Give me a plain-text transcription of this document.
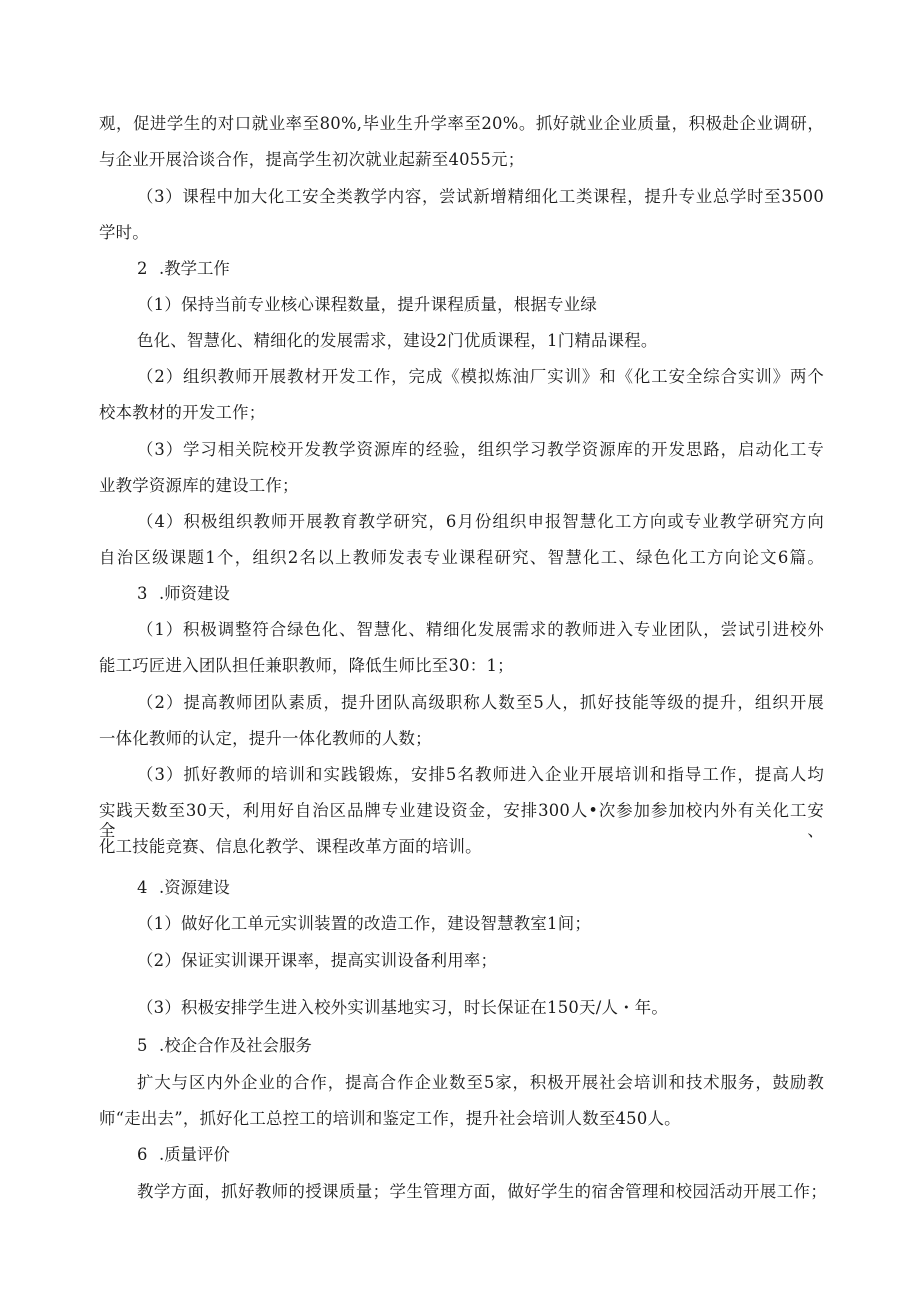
观，促进学生的对口就业率至80%,毕业生升学率至20%。抓好就业企业质量，积极赴企业调研，
与企业开展洽谈合作，提高学生初次就业起薪至4055元；
（3）课程中加大化工安全类教学内容，尝试新增精细化工类课程，提升专业总学时至3500
学时。
2 .教学工作
（1）保持当前专业核心课程数量，提升课程质量，根据专业绿
色化、智慧化、精细化的发展需求，建设2门优质课程，1门精品课程。
（2）组织教师开展教材开发工作，完成《模拟炼油厂实训》和《化工安全综合实训》两个
校本教材的开发工作；
（3）学习相关院校开发教学资源库的经验，组织学习教学资源库的开发思路，启动化工专
业教学资源库的建设工作；
（4）积极组织教师开展教育教学研究，6月份组织申报智慧化工方向或专业教学研究方向
自治区级课题1个，组织2名以上教师发表专业课程研究、智慧化工、绿色化工方向论文6篇。
3 .师资建设
（1）积极调整符合绿色化、智慧化、精细化发展需求的教师进入专业团队，尝试引进校外
能工巧匠进入团队担任兼职教师，降低生师比至30：1；
（2）提高教师团队素质，提升团队高级职称人数至5人，抓好技能等级的提升，组织开展
一体化教师的认定，提升一体化教师的人数；
（3）抓好教师的培训和实践锻炼，安排5名教师进入企业开展培训和指导工作，提高人均
实践天数至30天，利用好自治区品牌专业建设资金，安排300人•次参加参加校内外有关化工安全、
化工技能竞赛、信息化教学、课程改革方面的培训。
4 .资源建设
（1）做好化工单元实训装置的改造工作，建设智慧教室1间；
（2）保证实训课开课率，提高实训设备利用率；
（3）积极安排学生进入校外实训基地实习，时长保证在150天/人・年。
5 .校企合作及社会服务
扩大与区内外企业的合作，提高合作企业数至5家，积极开展社会培训和技术服务，鼓励教
师“走出去”，抓好化工总控工的培训和鉴定工作，提升社会培训人数至450人。
6 .质量评价
教学方面，抓好教师的授课质量；学生管理方面，做好学生的宿舍管理和校园活动开展工作；
